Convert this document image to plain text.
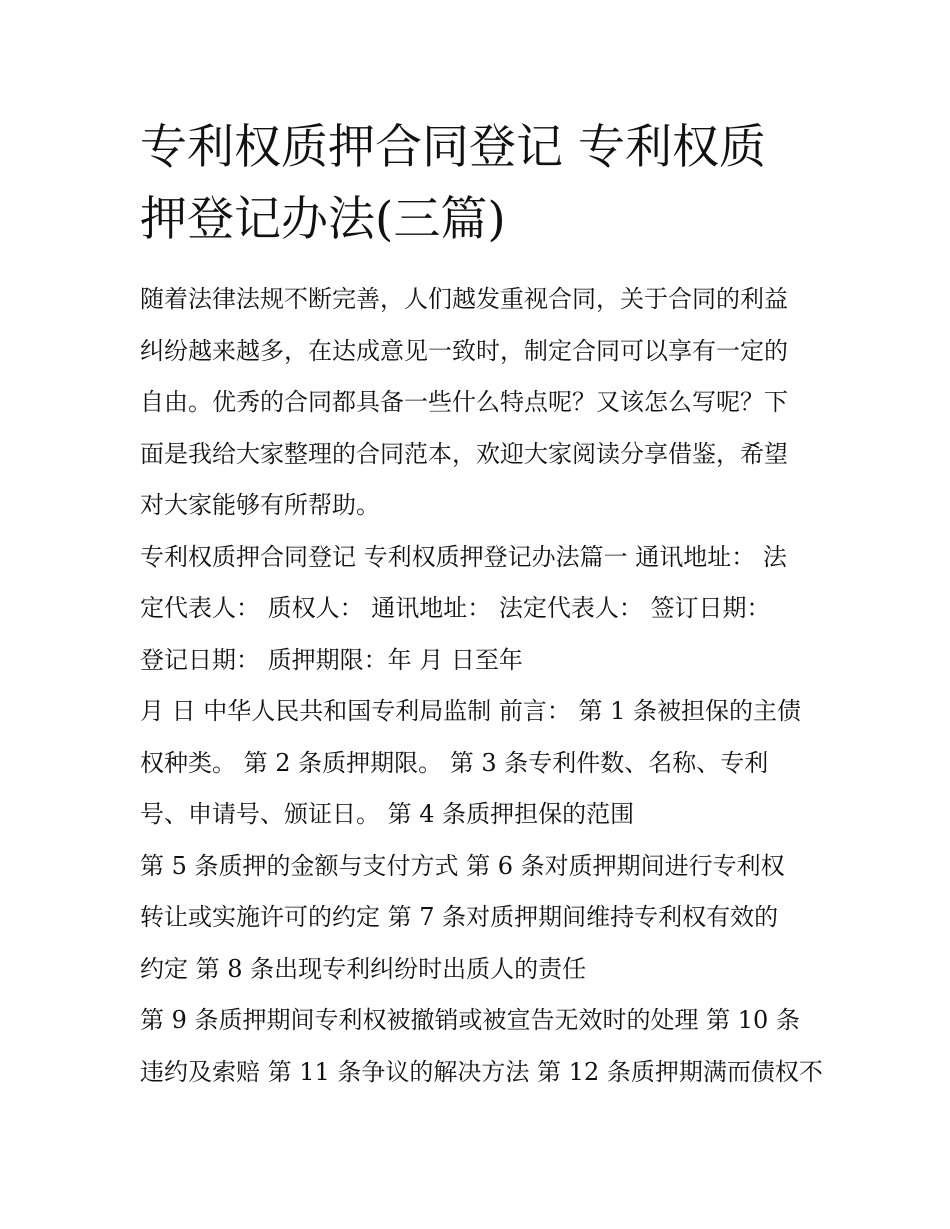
专利权质押合同登记 专利权质
押登记办法(三篇)

随着法律法规不断完善，人们越发重视合同，关于合同的利益
纠纷越来越多，在达成意见一致时，制定合同可以享有一定的
自由。优秀的合同都具备一些什么特点呢？又该怎么写呢？下
面是我给大家整理的合同范本，欢迎大家阅读分享借鉴，希望
对大家能够有所帮助。

专利权质押合同登记 专利权质押登记办法篇一 通讯地址： 法
定代表人： 质权人： 通讯地址： 法定代表人： 签订日期：
登记日期： 质押期限：年 月 日至年

月 日 中华人民共和国专利局监制 前言： 第 1 条被担保的主债
权种类。 第 2 条质押期限。 第 3 条专利件数、名称、专利
号、申请号、颁证日。 第 4 条质押担保的范围

第 5 条质押的金额与支付方式 第 6 条对质押期间进行专利权
转让或实施许可的约定 第 7 条对质押期间维持专利权有效的
约定 第 8 条出现专利纠纷时出质人的责任

第 9 条质押期间专利权被撤销或被宣告无效时的处理 第 10 条
违约及索赔 第 11 条争议的解决方法 第 12 条质押期满而债权不
